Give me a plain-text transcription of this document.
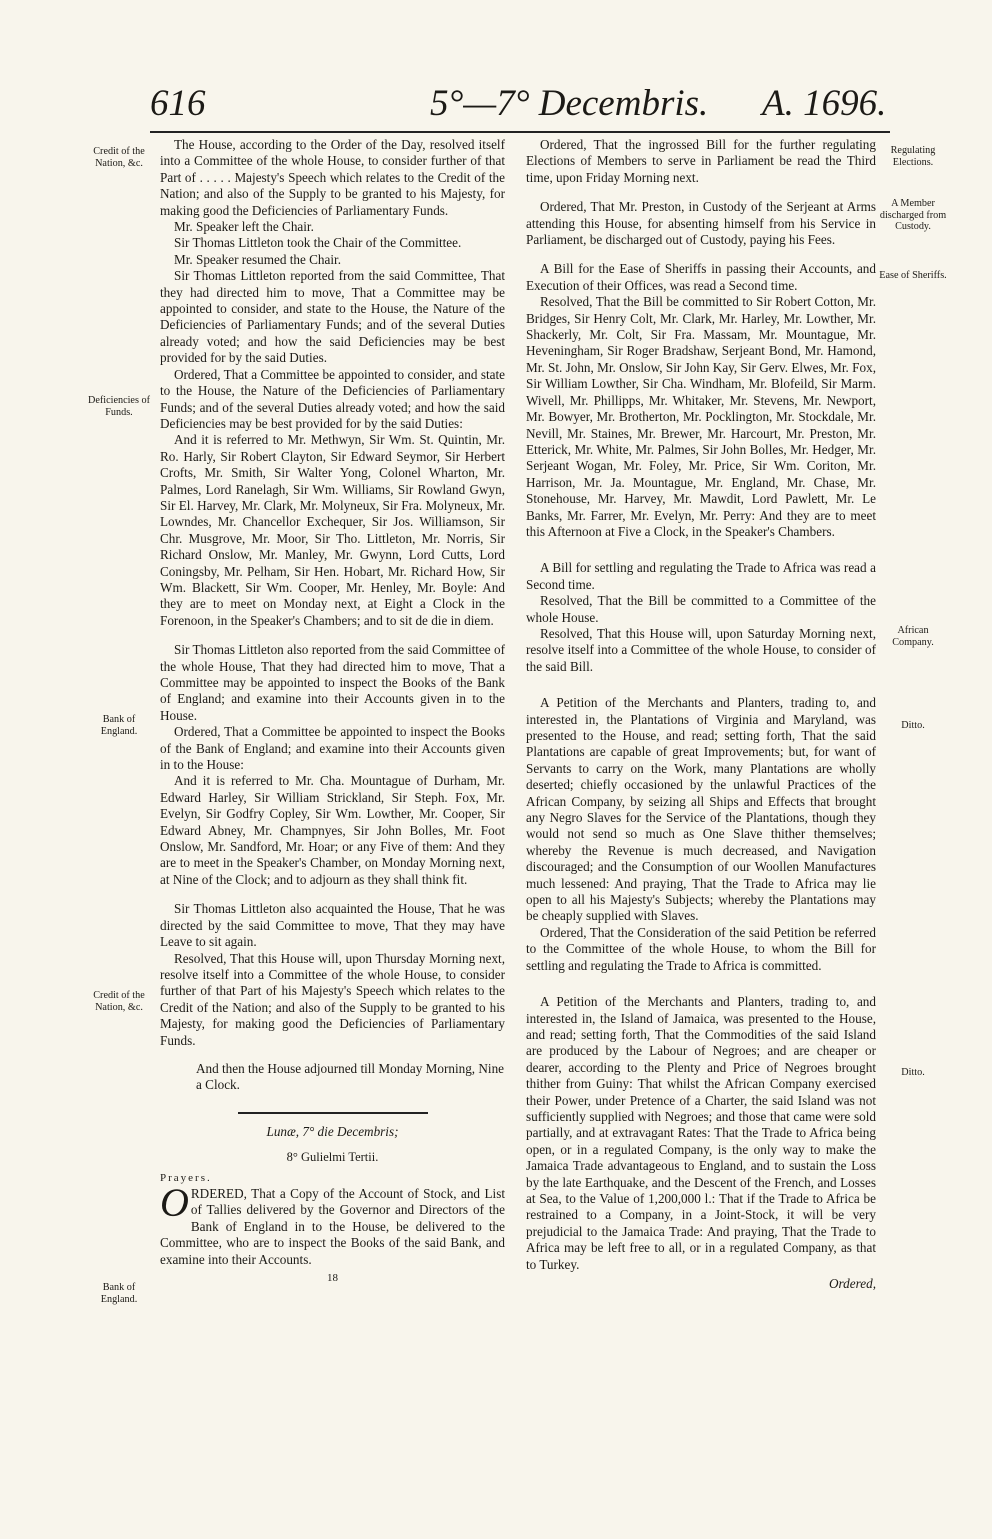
616	5°—7° Decembris. A. 1696.
Credit of the Nation, &c.
Deficiencies of Funds.
Bank of England.
Credit of the Nation, &c.
Bank of England.
Regulating Elections.
A Member discharged from Custody.
Ease of Sheriffs.
African Company.
Ditto.
Ditto.

The House, according to the Order of the Day, resolved itself into a Committee of the whole House, to consider further of that Part of . . . . . Majesty's Speech which relates to the Credit of the Nation; and also of the Supply to be granted to his Majesty, for making good the Deficiencies of Parliamentary Funds.

Mr. Speaker left the Chair.

Sir Thomas Littleton took the Chair of the Committee.

Mr. Speaker resumed the Chair.

Sir Thomas Littleton reported from the said Committee, That they had directed him to move, That a Committee may be appointed to consider, and state to the House, the Nature of the Deficiencies of Parliamentary Funds; and of the several Duties already voted; and how the said Deficiencies may be best provided for by the said Duties.

Ordered, That a Committee be appointed to consider, and state to the House, the Nature of the Deficiencies of Parliamentary Funds; and of the several Duties already voted; and how the said Deficiencies may be best provided for by the said Duties:

And it is referred to Mr. Methwyn, Sir Wm. St. Quintin, Mr. Ro. Harly, Sir Robert Clayton, Sir Edward Seymor, Sir Herbert Crofts, Mr. Smith, Sir Walter Yong, Colonel Wharton, Mr. Palmes, Lord Ranelagh, Sir Wm. Williams, Sir Rowland Gwyn, Sir El. Harvey, Mr. Clark, Mr. Molyneux, Sir Fra. Molyneux, Mr. Lowndes, Mr. Chancellor Exchequer, Sir Jos. Williamson, Sir Chr. Musgrove, Mr. Moor, Sir Tho. Littleton, Mr. Norris, Sir Richard Onslow, Mr. Manley, Mr. Gwynn, Lord Cutts, Lord Coningsby, Mr. Pelham, Sir Hen. Hobart, Mr. Richard How, Sir Wm. Blackett, Sir Wm. Cooper, Mr. Henley, Mr. Boyle: And they are to meet on Monday next, at Eight a Clock in the Forenoon, in the Speaker's Chambers; and to sit de die in diem.

Sir Thomas Littleton also reported from the said Committee of the whole House, That they had directed him to move, That a Committee may be appointed to inspect the Books of the Bank of England; and examine into their Accounts given in to the House.

Ordered, That a Committee be appointed to inspect the Books of the Bank of England; and examine into their Accounts given in to the House:

And it is referred to Mr. Cha. Mountague of Durham, Mr. Edward Harley, Sir William Strickland, Sir Steph. Fox, Mr. Evelyn, Sir Godfry Copley, Sir Wm. Lowther, Mr. Cooper, Sir Edward Abney, Mr. Champnyes, Sir John Bolles, Mr. Foot Onslow, Mr. Sandford, Mr. Hoar; or any Five of them: And they are to meet in the Speaker's Chamber, on Monday Morning next, at Nine of the Clock; and to adjourn as they shall think fit.

Sir Thomas Littleton also acquainted the House, That he was directed by the said Committee to move, That they may have Leave to sit again.

Resolved, That this House will, upon Thursday Morning next, resolve itself into a Committee of the whole House, to consider further of that Part of his Majesty's Speech which relates to the Credit of the Nation; and also of the Supply to be granted to his Majesty, for making good the Deficiencies of Parliamentary Funds.

And then the House adjourned till Monday Morning, Nine a Clock.

Lunæ, 7° die Decembris;

8° Gulielmi Tertii.

Prayers.

ORDERED, That a Copy of the Account of Stock, and List of Tallies delivered by the Governor and Directors of the Bank of England in to the House, be delivered to the Committee, who are to inspect the Books of the said Bank, and examine into their Accounts.

18

Ordered, That the ingrossed Bill for the further regulating Elections of Members to serve in Parliament be read the Third time, upon Friday Morning next.

Ordered, That Mr. Preston, in Custody of the Serjeant at Arms attending this House, for absenting himself from his Service in Parliament, be discharged out of Custody, paying his Fees.

A Bill for the Ease of Sheriffs in passing their Accounts, and Execution of their Offices, was read a Second time.

Resolved, That the Bill be committed to Sir Robert Cotton, Mr. Bridges, Sir Henry Colt, Mr. Clark, Mr. Harley, Mr. Lowther, Mr. Shackerly, Mr. Colt, Sir Fra. Massam, Mr. Mountague, Mr. Heveningham, Sir Roger Bradshaw, Serjeant Bond, Mr. Hamond, Mr. St. John, Mr. Onslow, Sir John Kay, Sir Gerv. Elwes, Mr. Fox, Sir William Lowther, Sir Cha. Windham, Mr. Blofeild, Sir Marm. Wivell, Mr. Phillipps, Mr. Whitaker, Mr. Stevens, Mr. Newport, Mr. Bowyer, Mr. Brotherton, Mr. Pocklington, Mr. Stockdale, Mr. Nevill, Mr. Staines, Mr. Brewer, Mr. Harcourt, Mr. Preston, Mr. Etterick, Mr. White, Mr. Palmes, Sir John Bolles, Mr. Hedger, Mr. Serjeant Wogan, Mr. Foley, Mr. Price, Sir Wm. Coriton, Mr. Harrison, Mr. Ja. Mountague, Mr. England, Mr. Chase, Mr. Stonehouse, Mr. Harvey, Mr. Mawdit, Lord Pawlett, Mr. Le Banks, Mr. Farrer, Mr. Evelyn, Mr. Perry: And they are to meet this Afternoon at Five a Clock, in the Speaker's Chambers.

A Bill for settling and regulating the Trade to Africa was read a Second time.

Resolved, That the Bill be committed to a Committee of the whole House.

Resolved, That this House will, upon Saturday Morning next, resolve itself into a Committee of the whole House, to consider of the said Bill.

A Petition of the Merchants and Planters, trading to, and interested in, the Plantations of Virginia and Maryland, was presented to the House, and read; setting forth, That the said Plantations are capable of great Improvements; but, for want of Servants to carry on the Work, many Plantations are wholly deserted; chiefly occasioned by the unlawful Practices of the African Company, by seizing all Ships and Effects that brought any Negro Slaves for the Service of the Plantations, though they would not send so much as One Slave thither themselves; whereby the Revenue is much decreased, and Navigation discouraged; and the Consumption of our Woollen Manufactures much lessened: And praying, That the Trade to Africa may lie open to all his Majesty's Subjects; whereby the Plantations may be cheaply supplied with Slaves.

Ordered, That the Consideration of the said Petition be referred to the Committee of the whole House, to whom the Bill for settling and regulating the Trade to Africa is committed.

A Petition of the Merchants and Planters, trading to, and interested in, the Island of Jamaica, was presented to the House, and read; setting forth, That the Commodities of the said Island are produced by the Labour of Negroes; and are cheaper or dearer, according to the Plenty and Price of Negroes brought thither from Guiny: That whilst the African Company exercised their Power, under Pretence of a Charter, the said Island was not sufficiently supplied with Negroes; and those that came were sold partially, and at extravagant Rates: That the Trade to Africa being open, or in a regulated Company, is the only way to make the Jamaica Trade advantageous to England, and to sustain the Loss by the late Earthquake, and the Descent of the French, and Losses at Sea, to the Value of 1,200,000 l.: That if the Trade to Africa be restrained to a Company, in a Joint-Stock, it will be very prejudicial to the Jamaica Trade: And praying, That the Trade to Africa may be left free to all, or in a regulated Company, as that to Turkey.

Ordered,
